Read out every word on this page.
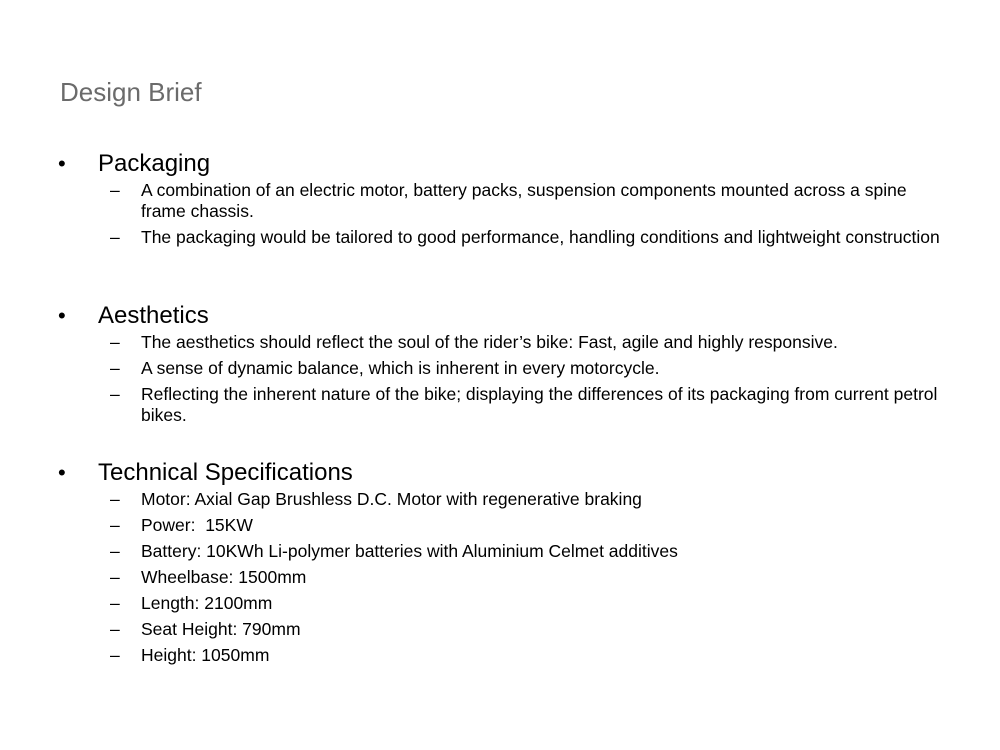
Design Brief
• Packaging
– A combination of an electric motor, battery packs, suspension components mounted across a spine frame chassis.
– The packaging would be tailored to good performance, handling conditions and lightweight construction
• Aesthetics
– The aesthetics should reflect the soul of the rider’s bike: Fast, agile and highly responsive.
– A sense of dynamic balance, which is inherent in every motorcycle.
– Reflecting the inherent nature of the bike; displaying the differences of its packaging from current petrol bikes.
• Technical Specifications
– Motor: Axial Gap Brushless D.C. Motor with regenerative braking
– Power:  15KW
– Battery: 10KWh Li-polymer batteries with Aluminium Celmet additives
– Wheelbase: 1500mm
– Length: 2100mm
– Seat Height: 790mm
– Height: 1050mm
